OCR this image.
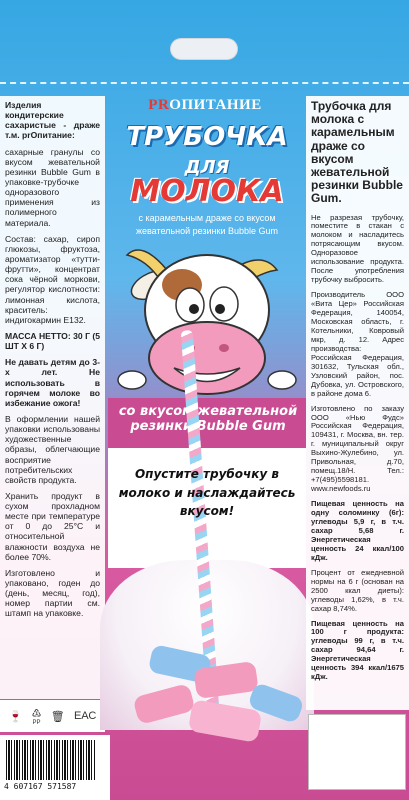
Изделия кондитерские сахаристые - драже т.м. prОпитание:

сахарные гранулы со вкусом жевательной резинки Bubble Gum в упаковке-трубочке одноразового применения из полимерного материала.

Состав: сахар, сироп глюкозы, фруктоза, ароматизатор «тутти-фрутти», концентрат сока чёрной моркови, регулятор кислотности: лимонная кислота, краситель: индигокармин E132.

МАССА НЕТТО: 30 Г (5 ШТ X 6 Г)

Не давать детям до 3-х лет. Не использовать в горячем молоке во избежание ожога!

В оформлении нашей упаковки использованы художественные образы, облегчающие восприятие потребительских свойств продукта.

Хранить продукт в сухом прохладном месте при температуре от 0 до 25°С и относительной влажности воздуха не более 70%.

Изготовлено и упаковано, годен до (день, месяц, год), номер партии см. штамп на упаковке.

🍷 ♳
PP 🗑 ЕАС
4 607167 571587
PRОПИТАНИЕ
ТРУБОЧКА
ДЛЯ
МОЛОКА
с карамельным драже со вкусом жевательной резинки Bubble Gum
со вкусом жевательной резинки Bubble Gum
Опустите трубочку в молоко и наслаждайтесь вкусом!
Трубочка для молока с карамельным драже со вкусом жевательной резинки Bubble Gum.

Не разрезая трубочку, поместите в стакан с молоком и насладитесь потрясающим вкусом. Одноразовое использование продукта. После употребления трубочку выбросить.

Производитель ООО «Вита Цер» Российская Федерация, 140054, Московская область, г. Котельники, Ковровый мкр, д. 12. Адрес производства: Российская Федерация, 301632, Тульская обл., Узловский район, пос. Дубовка, ул. Островского, в районе дома 6.

Изготовлено по заказу ООО «Нью Фудс» Российская Федерация, 109431, г. Москва, вн. тер. г. муниципальный округ Выхино-Жулебино, ул. Привольная, д.70, помещ.18/Н. Тел.: +7(495)5598181. www.newfoods.ru

Пищевая ценность на одну соломинку (6г): углеводы 5,9 г, в т.ч. сахар 5,68 г. Энергетическая ценность 24 ккал/100 кДж.

Процент от ежедневной нормы на 6 г (основан на 2500 ккал диеты): углеводы 1,62%, в т.ч. сахар 8,74%.

Пищевая ценность на 100 г продукта: углеводы 99 г, в т.ч. сахар 94,64 г. Энергетическая ценность 394 ккал/1675 кДж.
